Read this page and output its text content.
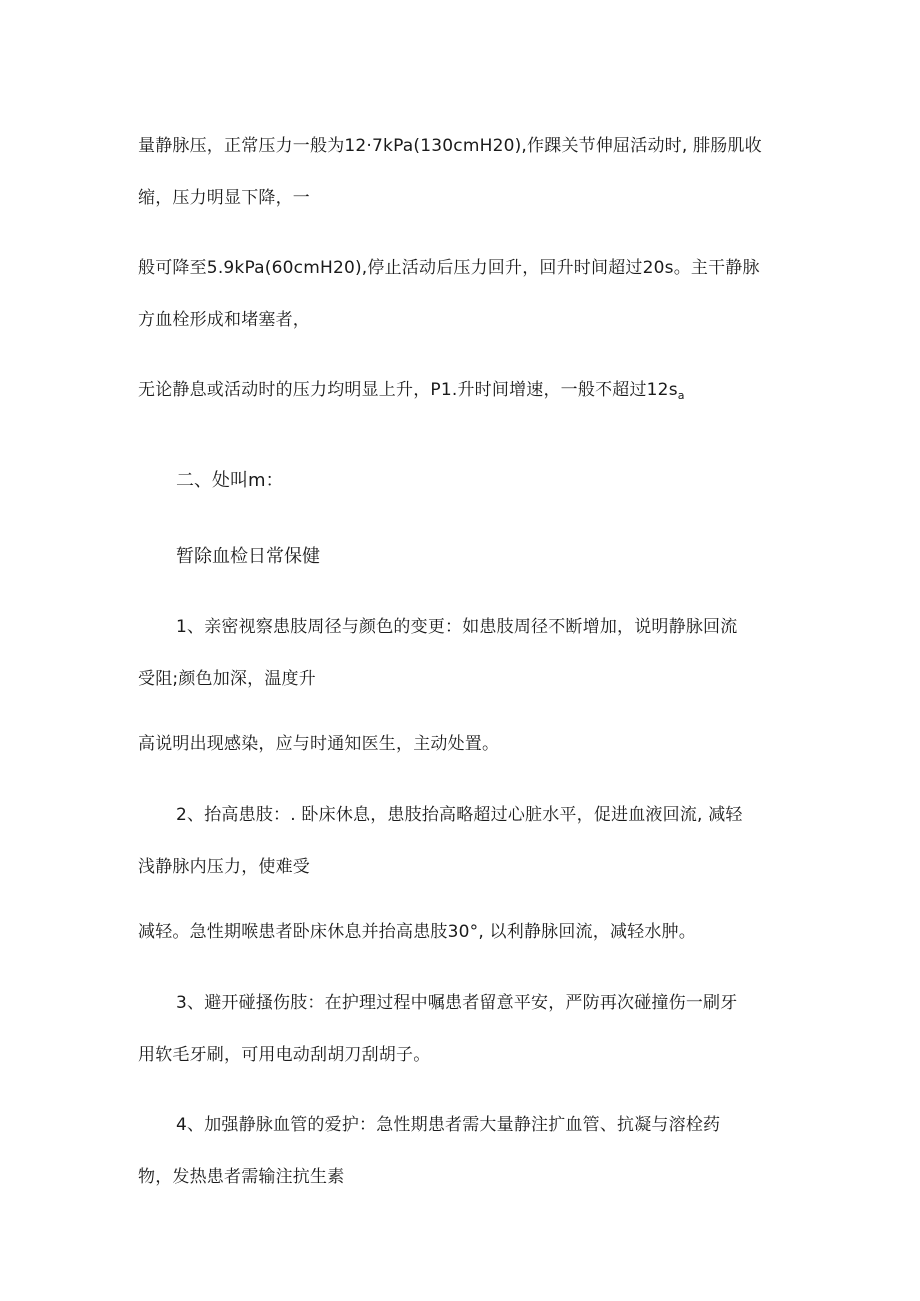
量静脉压，正常压力一般为12·7kPa(130cmH20),作踝关节伸屈活动时, 腓肠肌收
缩，压力明显下降，一

般可降至5.9kPa(60cmH20),停止活动后压力回升，回升时间超过20s。主干静脉
方血栓形成和堵塞者，

无论静息或活动时的压力均明显上升，P1.升时间增速，一般不超过$12s_a$

二、处叫m：
暂除血检日常保健

1、亲密视察患肢周径与颜色的变更：如患肢周径不断增加，说明静脉回流
受阻;颜色加深，温度升

高说明出现感染，应与时通知医生，主动处置。

2、抬高患肢：. 卧床休息，患肢抬高略超过心脏水平，促进血液回流, 减轻
浅静脉内压力，使难受

减轻。急性期喉患者卧床休息并抬高患肢30°, 以利静脉回流，减轻水肿。

3、避开碰搔伤肢：在护理过程中嘱患者留意平安，严防再次碰撞伤一刷牙
用软毛牙刷，可用电动刮胡刀刮胡子。

4、加强静脉血管的爱护：急性期患者需大量静注扩血管、抗凝与溶栓药
物，发热患者需输注抗生素
